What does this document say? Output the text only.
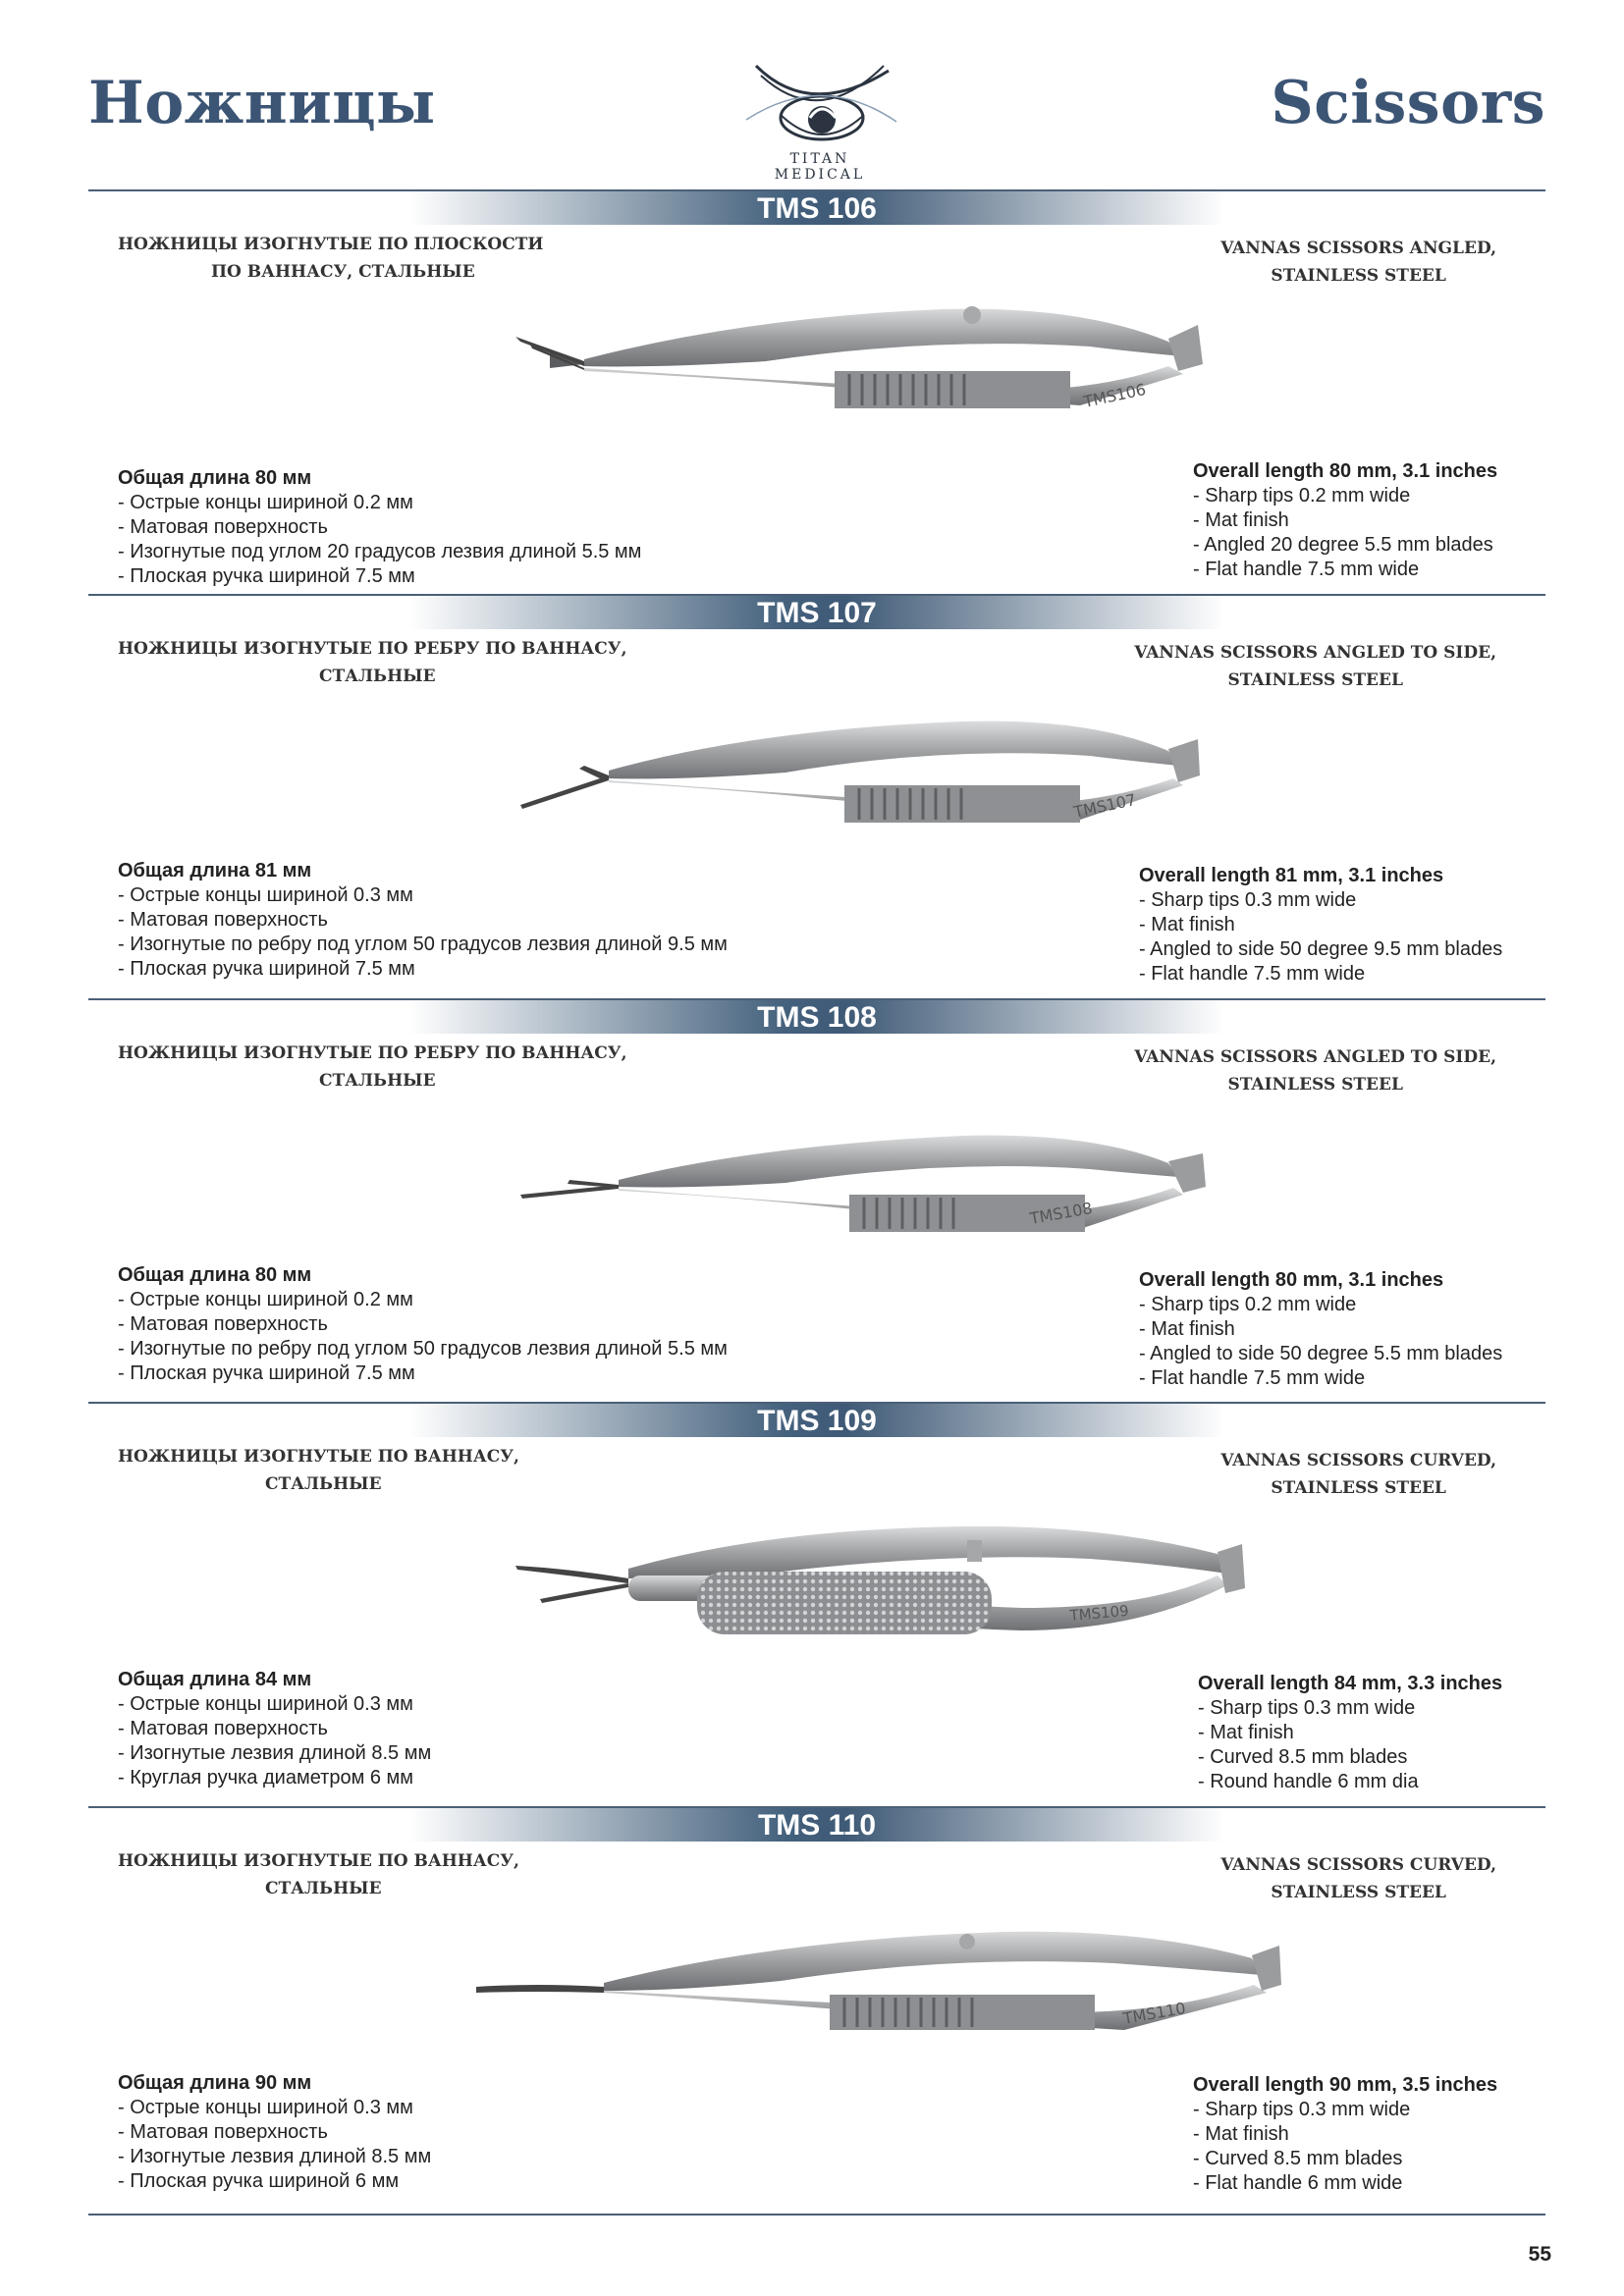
Ножницы	Scissors
TITAN
MEDICAL
TMS 106
НОЖНИЦЫ ИЗОГНУТЫЕ ПО ПЛОСКОСТИ
ПО ВАННАСУ, СТАЛЬНЫЕ
VANNAS SCISSORS ANGLED,
STAINLESS STEEL
TMS106
Общая длина 80 мм
- Острые концы шириной 0.2 мм
- Матовая поверхность
- Изогнутые под углом 20 градусов лезвия длиной 5.5 мм
- Плоская ручка шириной 7.5 мм
Overall length 80 mm, 3.1 inches
- Sharp tips 0.2 mm wide
- Mat finish
- Angled 20 degree 5.5 mm blades
- Flat handle 7.5 mm wide
TMS 107
НОЖНИЦЫ ИЗОГНУТЫЕ ПО РЕБРУ ПО ВАННАСУ,
СТАЛЬНЫЕ
VANNAS SCISSORS ANGLED TO SIDE,
STAINLESS STEEL
TMS107
Общая длина 81 мм
- Острые концы шириной 0.3 мм
- Матовая поверхность
- Изогнутые по ребру под углом 50 градусов лезвия длиной 9.5 мм
- Плоская ручка шириной 7.5 мм
Overall length 81 mm, 3.1 inches
- Sharp tips 0.3 mm wide
- Mat finish
- Angled to side 50 degree 9.5 mm blades
- Flat handle 7.5 mm wide
TMS 108
НОЖНИЦЫ ИЗОГНУТЫЕ ПО РЕБРУ ПО ВАННАСУ,
СТАЛЬНЫЕ
VANNAS SCISSORS ANGLED TO SIDE,
STAINLESS STEEL
TMS108
Общая длина 80 мм
- Острые концы шириной 0.2 мм
- Матовая поверхность
- Изогнутые по ребру под углом 50 градусов лезвия длиной 5.5 мм
- Плоская ручка шириной 7.5 мм
Overall length 80 mm, 3.1 inches
- Sharp tips 0.2 mm wide
- Mat finish
- Angled to side 50 degree 5.5 mm blades
- Flat handle 7.5 mm wide
TMS 109
НОЖНИЦЫ ИЗОГНУТЫЕ ПО ВАННАСУ,
СТАЛЬНЫЕ
VANNAS SCISSORS CURVED,
STAINLESS STEEL
TMS109
Общая длина 84 мм
- Острые концы шириной 0.3 мм
- Матовая поверхность
- Изогнутые лезвия длиной 8.5 мм
- Круглая ручка диаметром 6 мм
Overall length 84 mm, 3.3 inches
- Sharp tips 0.3 mm wide
- Mat finish
- Curved 8.5 mm blades
- Round handle 6 mm dia
TMS 110
НОЖНИЦЫ ИЗОГНУТЫЕ ПО ВАННАСУ,
СТАЛЬНЫЕ
VANNAS SCISSORS CURVED,
STAINLESS STEEL
TMS110
Общая длина 90 мм
- Острые концы шириной 0.3 мм
- Матовая поверхность
- Изогнутые лезвия длиной 8.5 мм
- Плоская ручка шириной 6 мм
Overall length 90 mm, 3.5 inches
- Sharp tips 0.3 mm wide
- Mat finish
- Curved 8.5 mm blades
- Flat handle 6 mm wide
55
